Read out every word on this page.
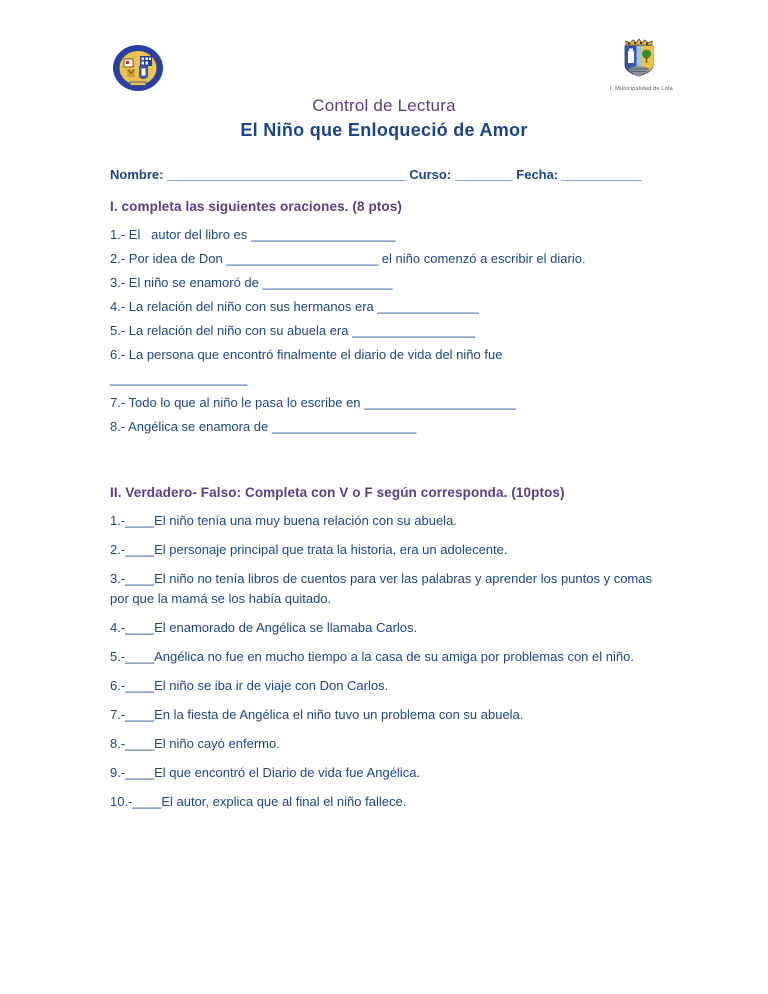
I. Municipalidad de Lota
Control de Lectura
El Niño que Enloqueció de Amor
Nombre: _________________________________ Curso: ________ Fecha: ___________
I. completa las siguientes oraciones. (8 ptos)
1.- El   autor del libro es ____________________
2.- Por idea de Don _____________________ el niño comenzó a escribir el diario.
3.- El niño se enamoró de __________________
4.- La relación del niño con sus hermanos era ______________
5.- La relación del niño con su abuela era _________________
6.- La persona que encontró finalmente el diario de vida del niño fue
___________________
7.- Todo lo que al niño le pasa lo escribe en _____________________
8.- Angélica se enamora de ____________________
II. Verdadero- Falso: Completa con V o F según corresponda. (10ptos)
1.-____El niño tenía una muy buena relación con su abuela.
2.-____El personaje principal que trata la historia, era un adolecente.
3.-____El niño no tenía libros de cuentos para ver las palabras y aprender los puntos y comas por que la mamá se los había quitado.
4.-____El enamorado de Angélica se llamaba Carlos.
5.-____Angélica no fue en mucho tiempo a la casa de su amiga por problemas con el niño.
6.-____El niño se iba ir de viaje con Don Carlos.
7.-____En la fiesta de Angélica el niño tuvo un problema con su abuela.
8.-____El niño cayó enfermo.
9.-____El que encontró el Diario de vida fue Angélica.
10.-____El autor, explica que al final el niño fallece.
